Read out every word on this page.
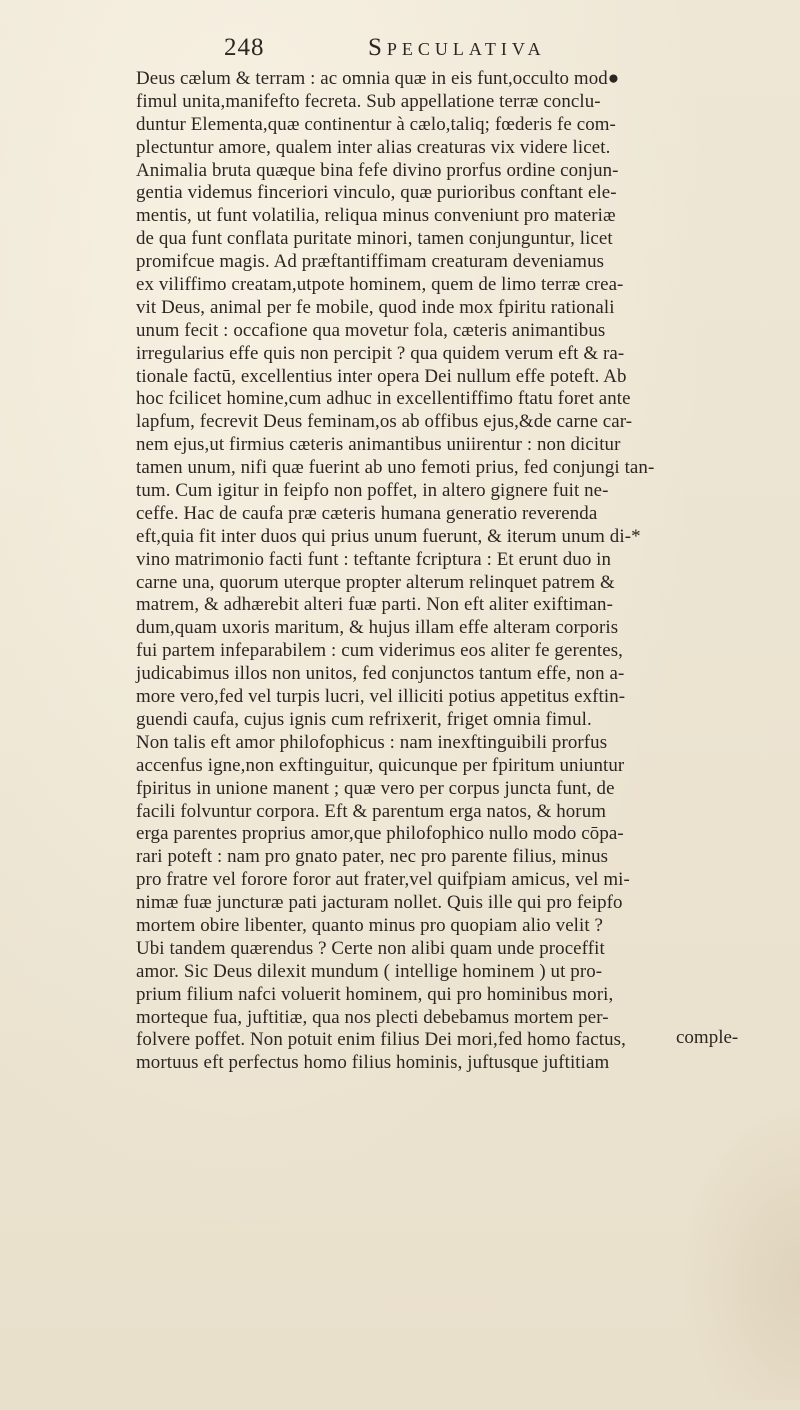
248	Speculativa
Deus cælum & terram : ac omnia quæ in eis funt,occulto mod●
fimul unita,manifefto fecreta. Sub appellatione terræ conclu-
duntur Elementa,quæ continentur à cælo,taliq; fœderis fe com-
plectuntur amore, qualem inter alias creaturas vix videre licet.
Animalia bruta quæque bina fefe divino prorfus ordine conjun-
gentia videmus finceriori vinculo, quæ purioribus conftant ele-
mentis, ut funt volatilia, reliqua minus conveniunt pro materiæ
de qua funt conflata puritate minori, tamen conjunguntur, licet
promifcue magis. Ad præftantiffimam creaturam deveniamus
ex viliffimo creatam,utpote hominem, quem de limo terræ crea-
vit Deus, animal per fe mobile, quod inde mox fpiritu rationali
unum fecit : occafione qua movetur fola, cæteris animantibus
irregularius effe quis non percipit ? qua quidem verum eft & ra-
tionale factū, excellentius inter opera Dei nullum effe poteft. Ab
hoc fcilicet homine,cum adhuc in excellentiffimo ftatu foret ante
lapfum, fecrevit Deus feminam,os ab offibus ejus,&de carne car-
nem ejus,ut firmius cæteris animantibus uniirentur : non dicitur
tamen unum, nifi quæ fuerint ab uno femoti prius, fed conjungi tan-
tum. Cum igitur in feipfo non poffet, in altero gignere fuit ne-
ceffe. Hac de caufa præ cæteris humana generatio reverenda
eft,quia fit inter duos qui prius unum fuerunt, & iterum unum di-*
vino matrimonio facti funt : teftante fcriptura : Et erunt duo in
carne una, quorum uterque propter alterum relinquet patrem &
matrem, & adhærebit alteri fuæ parti. Non eft aliter exiftiman-
dum,quam uxoris maritum, & hujus illam effe alteram corporis
fui partem infeparabilem : cum viderimus eos aliter fe gerentes,
judicabimus illos non unitos, fed conjunctos tantum effe, non a-
more vero,fed vel turpis lucri, vel illiciti potius appetitus exftin-
guendi caufa, cujus ignis cum refrixerit, friget omnia fimul.
Non talis eft amor philofophicus : nam inexftinguibili prorfus
accenfus igne,non exftinguitur, quicunque per fpiritum uniuntur
fpiritus in unione manent ; quæ vero per corpus juncta funt, de
facili folvuntur corpora. Eft & parentum erga natos, & horum
erga parentes proprius amor,que philofophico nullo modo cōpa-
rari poteft : nam pro gnato pater, nec pro parente filius, minus
pro fratre vel forore foror aut frater,vel quifpiam amicus, vel mi-
nimæ fuæ juncturæ pati jacturam nollet. Quis ille qui pro feipfo
mortem obire libenter, quanto minus pro quopiam alio velit ?
Ubi tandem quærendus ? Certe non alibi quam unde proceffit
amor. Sic Deus dilexit mundum ( intellige hominem ) ut pro-
prium filium nafci voluerit hominem, qui pro hominibus mori,
morteque fua, juftitiæ, qua nos plecti debebamus mortem per-
folvere poffet. Non potuit enim filius Dei mori,fed homo factus,
mortuus eft perfectus homo filius hominis, juftusque juftitiam
comple-
